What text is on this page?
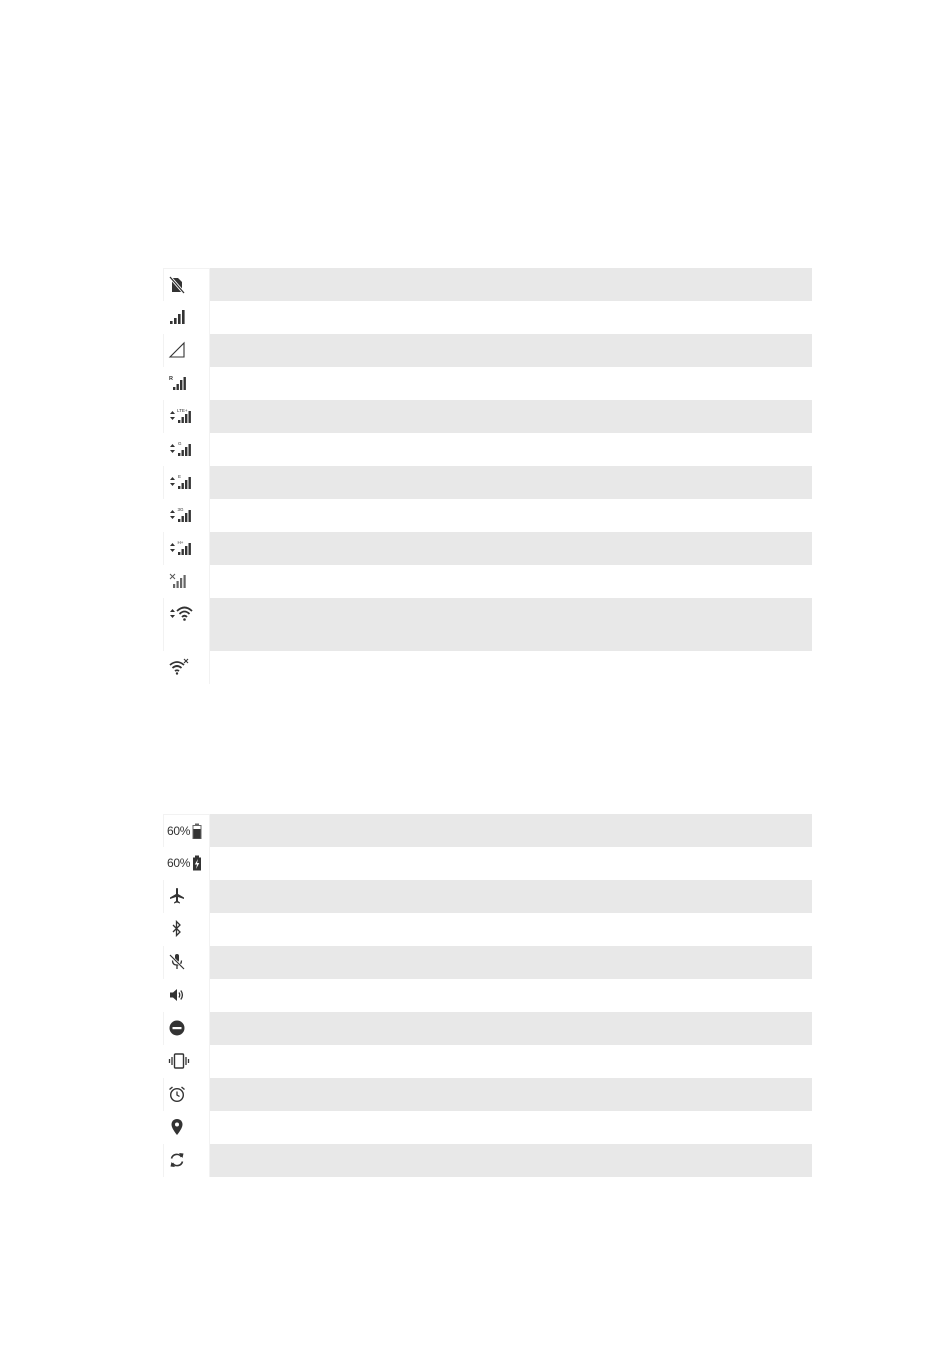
R
LTE+
G
E
3G
H+
60%
60%
